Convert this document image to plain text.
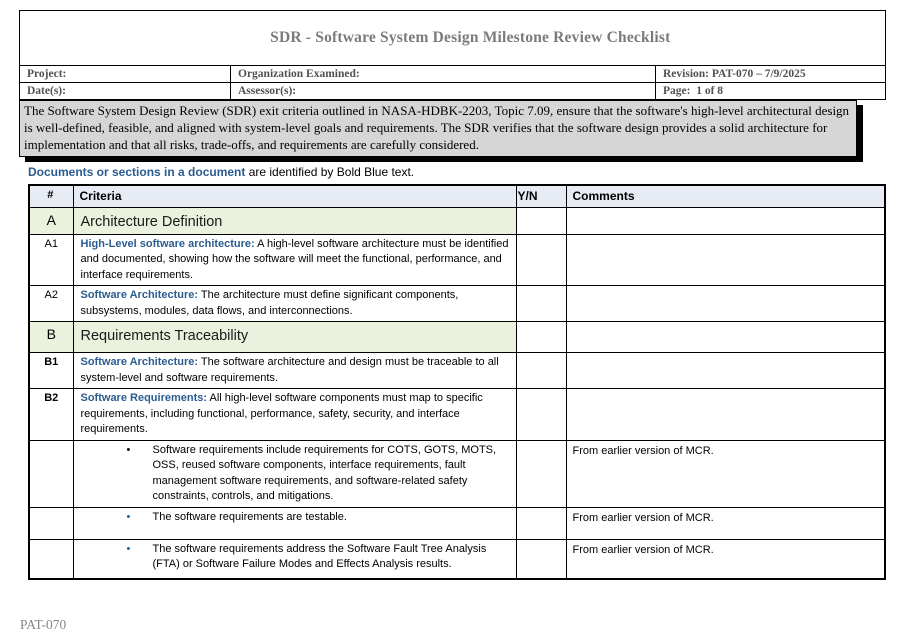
SDR - Software System Design Milestone Review Checklist		

Project:	Organization Examined:	Revision: PAT-070 – 7/9/2025
Date(s):	Assessor(s):	Page:  1 of 8
The Software System Design Review (SDR) exit criteria outlined in NASA-HDBK-2203, Topic 7.09, ensure that the software's high-level architectural design is well-defined, feasible, and aligned with system-level goals and requirements. The SDR verifies that the software design provides a solid architecture for implementation and that all risks, trade-offs, and requirements are carefully considered.
Documents or sections in a document are identified by Bold Blue text.
#	Criteria	Y/N	Comments
A	Architecture Definition		
A1	High-Level software architecture: A high-level software architecture must be identified and documented, showing how the software will meet the functional, performance, and interface requirements.		
A2	Software Architecture: The architecture must define significant components, subsystems, modules, data flows, and interconnections.		
B	Requirements Traceability		
B1	Software Architecture: The software architecture and design must be traceable to all system-level and software requirements.		
B2	Software Requirements: All high-level software components must map to specific requirements, including functional, performance, safety, security, and interface requirements.		

	• Software requirements include requirements for COTS, GOTS, MOTS, OSS, reused software components, interface requirements, fault management software requirements, and software-related safety constraints, controls, and mitigations.		From earlier version of MCR.

	• The software requirements are testable.		From earlier version of MCR.

	• The software requirements address the Software Fault Tree Analysis (FTA) or Software Failure Modes and Effects Analysis results.		From earlier version of MCR.
PAT-070
